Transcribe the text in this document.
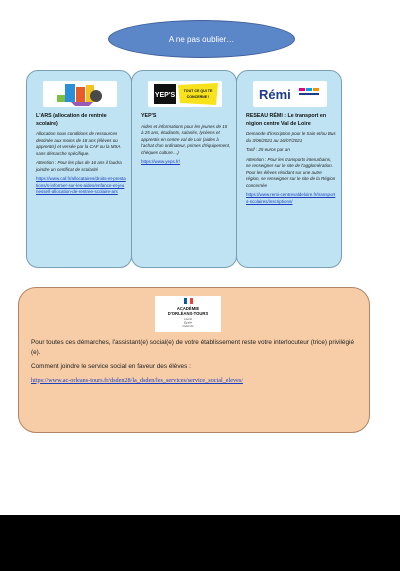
A ne pas oublier…
L'ARS (allocation de rentrée scolaire)

Allocation sous conditions de ressources destinée aux moins de 18 ans (élèves ou apprentis) et versée par la CAF ou la MSA sans démarche spécifique.

Attention : Pour les plus de 16 ans il faudra joindre un certificat de scolarité

https://www.caf.fr/allocataires/droits-et-prestations/s-informer-sur-les-aides/enfance-et-jeunesse/l-allocation-de-rentree-scolaire-ars

YEP'S
TOUT CE QUI TE
CONCERNE !
YEP'S

Aides et informations pour les jeunes de 15 à 25 ans, étudiants, salariés, lycéens et apprentis en centre val de Loir (aides à l'achat d'un ordinateur, primes d'équipement, chèques culture…)

https://www.yeps.fr/

Rémi
RESEAU RÉMI : Le transport en région centre Val de Loire

Demande d'inscription pour le train et/ou Bus du 3/06/2021 au 16/07/2021

Tarif : 25 euros par an

Attention : Pour les transports interurbains, se renseigner sur le site de l'agglomération. Pour les élèves résidant sur une autre région, se renseigner sur le site de la Région concernée

https://www.remi-centrevaldeloire.fr/transports-scolaires/inscriptions/

ACADÉMIE
D'ORLÉANS-TOURS
Liberté
Égalité
Fraternité

Pour toutes ces démarches, l'assistant(e) social(e) de votre établissement reste votre interlocuteur (trice) privilégié (e).

Comment joindre le service social en faveur des élèves :

https://www.ac-orleans-tours.fr/dsden28/la_dsden/les_services/service_social_eleves/
